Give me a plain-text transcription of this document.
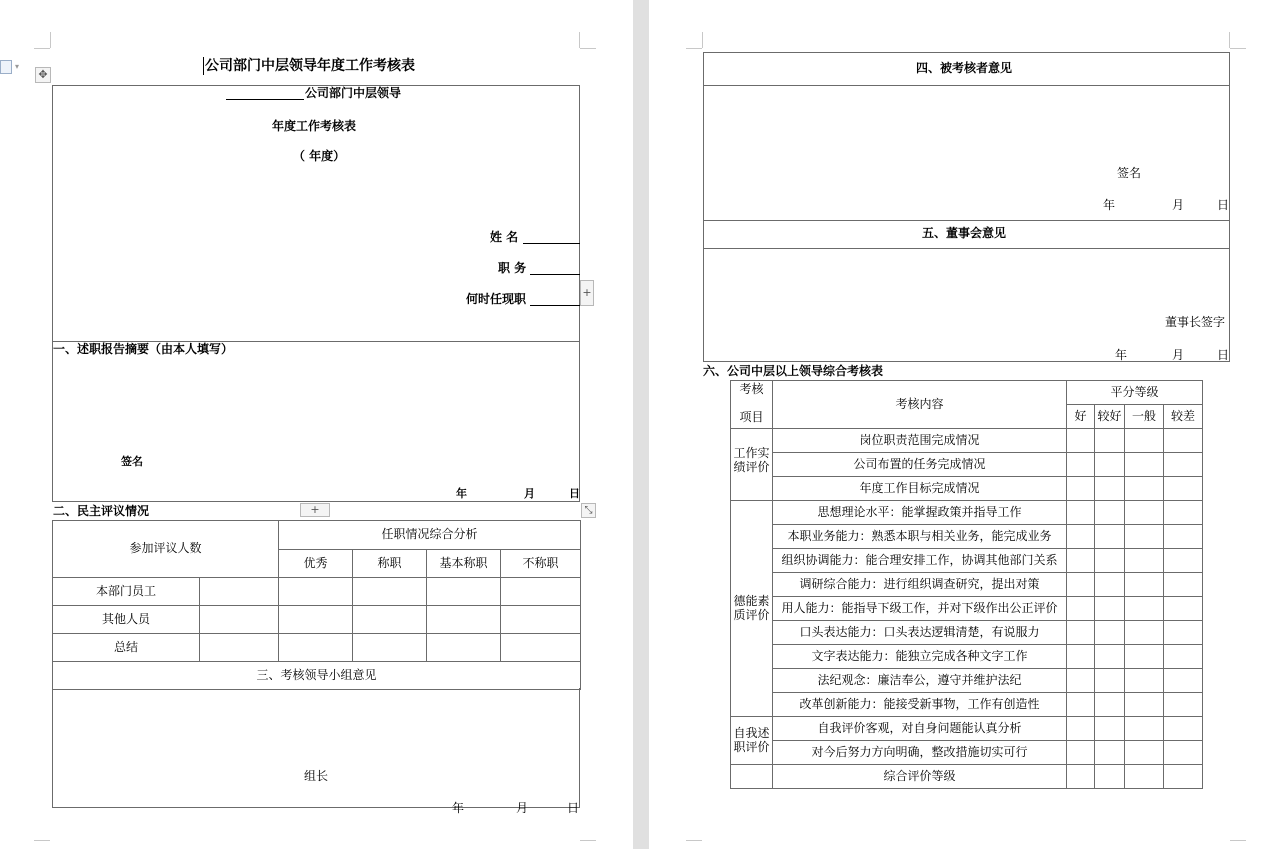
▾	公司部门中层领导年度工作考核表
✥
公司部门中层领导
年度工作考核表
（ 年度）
姓 名
职 务
何时任现职	+
一、述职报告摘要（由本人填写）
签名
年	月	日
二、民主评议情况	+	⤡
参加评议人数		任职情况综合分析			
		优秀	称职	基本称职	不称职
本部门员工					
其他人员					
总结					
三、考核领导小组意见					
组长
年	月	日
四、被考核者意见
签名
年	月	日
五、董事会意见
董事长签字
年	月	日
六、公司中层以上领导综合考核表
考核
项目	考核内容	平分等级			
		好	较好	一般	较差

工作实
绩评价	岗位职责范围完成情况				
	公司布置的任务完成情况				
	年度工作目标完成情况				

德能素
质评价	思想理论水平：能掌握政策并指导工作				
	本职业务能力：熟悉本职与相关业务，能完成业务				
	组织协调能力：能合理安排工作，协调其他部门关系				
	调研综合能力：进行组织调查研究，提出对策				
	用人能力：能指导下级工作，并对下级作出公正评价				
	口头表达能力：口头表达逻辑清楚，有说服力				
	文字表达能力：能独立完成各种文字工作				
	法纪观念：廉洁奉公，遵守并维护法纪				
	改革创新能力：能接受新事物，工作有创造性				

自我述
职评价	自我评价客观，对自身问题能认真分析				
	对今后努力方向明确，整改措施切实可行				
	综合评价等级				
